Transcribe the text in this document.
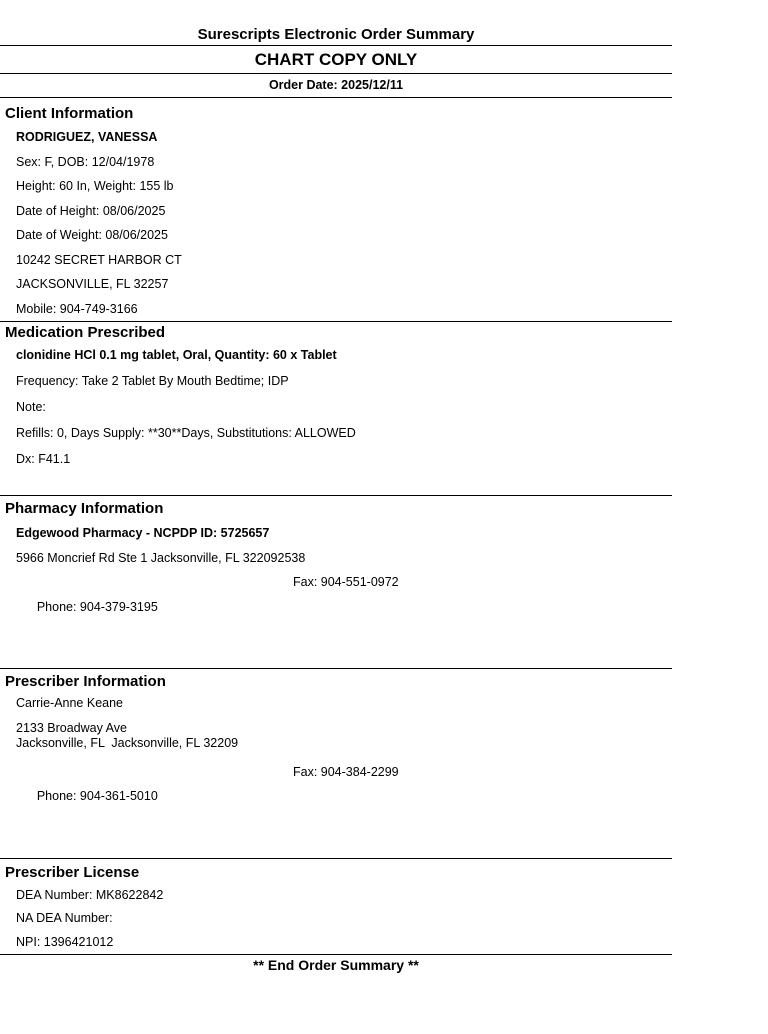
Surescripts Electronic Order Summary
CHART COPY ONLY
Order Date: 2025/12/11
Client Information
RODRIGUEZ, VANESSA
Sex: F, DOB: 12/04/1978
Height: 60 In, Weight: 155 lb
Date of Height: 08/06/2025
Date of Weight: 08/06/2025
10242 SECRET HARBOR CT
JACKSONVILLE, FL 32257
Mobile: 904-749-3166
Medication Prescribed
clonidine HCl 0.1 mg tablet, Oral, Quantity: 60 x Tablet
Frequency: Take 2 Tablet By Mouth Bedtime; IDP
Note:
Refills: 0, Days Supply: **30**Days, Substitutions: ALLOWED
Dx: F41.1
Pharmacy Information
Edgewood Pharmacy - NCPDP ID: 5725657
5966 Moncrief Rd Ste 1 Jacksonville, FL 322092538

Phone: 904-379-3195

Fax: 904-551-0972

Prescriber Information
Carrie-Anne Keane
2133 Broadway Ave
Jacksonville, FL  Jacksonville, FL 32209

Phone: 904-361-5010

Fax: 904-384-2299

Prescriber License
DEA Number: MK8622842
NA DEA Number:
NPI: 1396421012
** End Order Summary **
